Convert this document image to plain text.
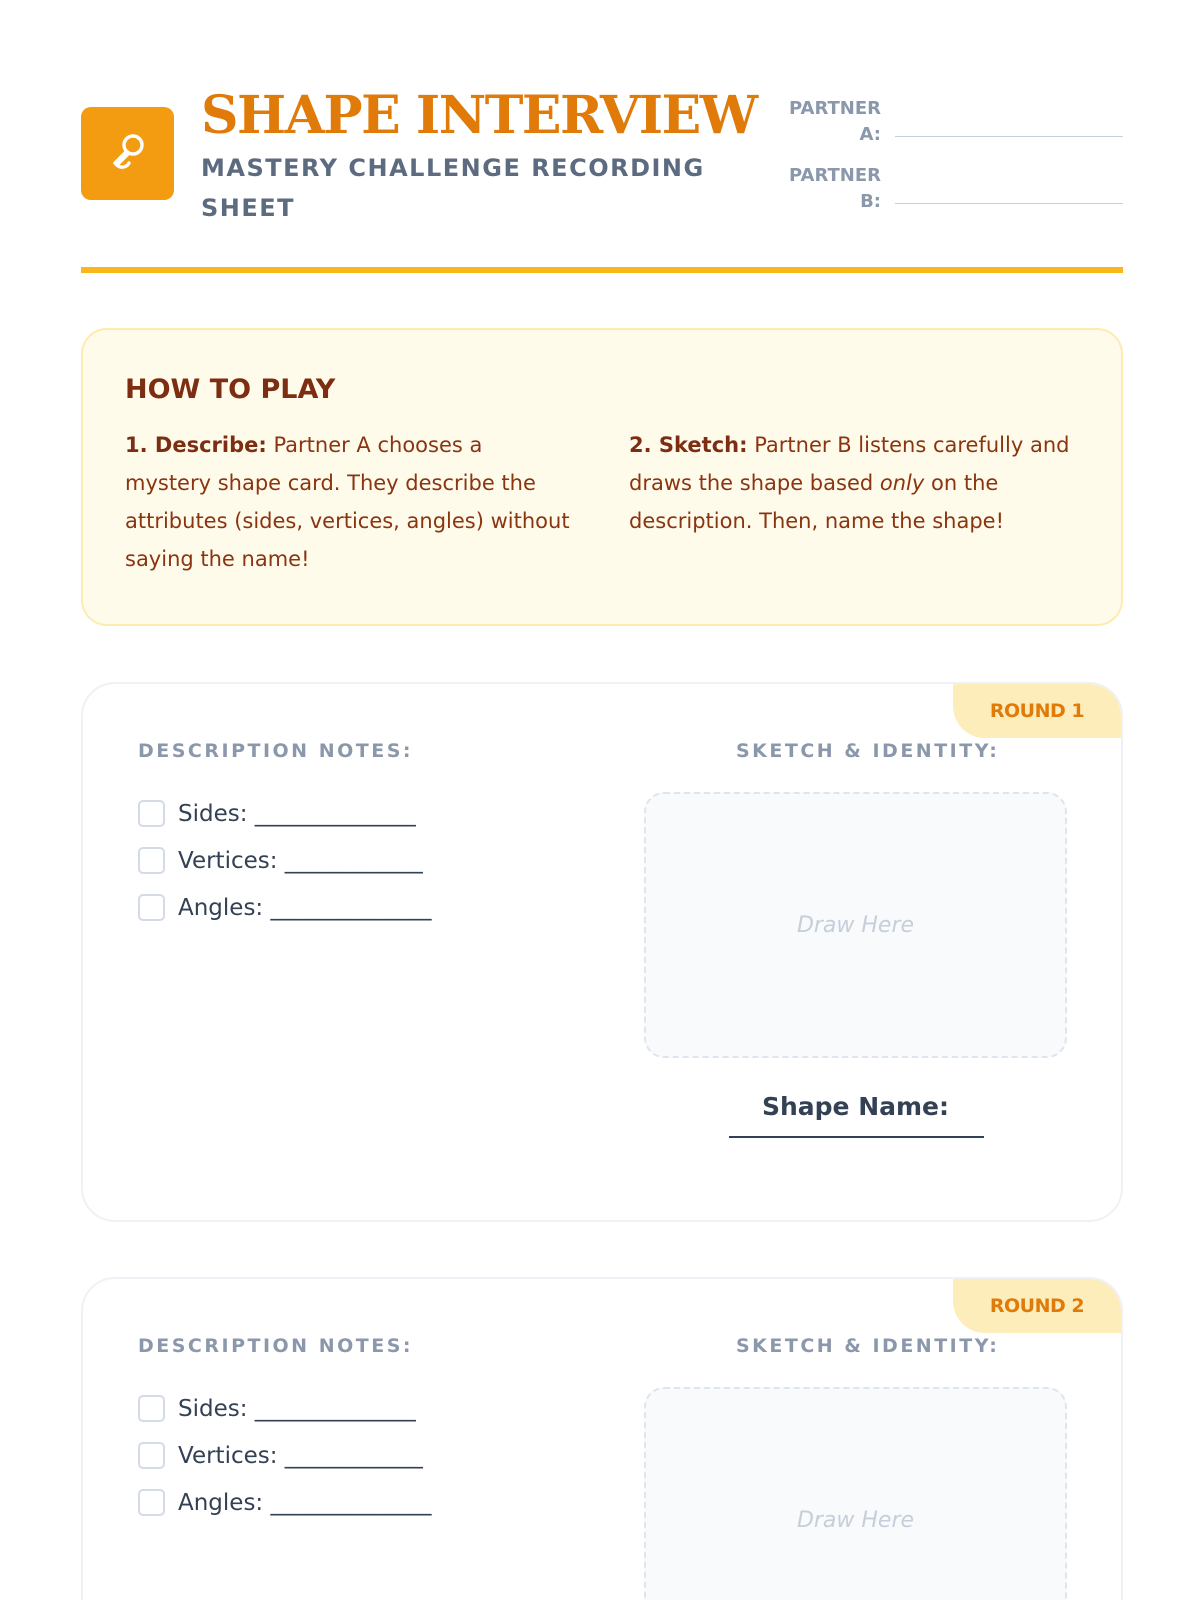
SHAPE INTERVIEW
MASTERY CHALLENGE RECORDING SHEET
PARTNER A:
PARTNER B:
HOW TO PLAY
1. Describe: Partner A chooses a mystery shape card. They describe the attributes (sides, vertices, angles) without saying the name!
2. Sketch: Partner B listens carefully and draws the shape based only on the description. Then, name the shape!
ROUND 1
DESCRIPTION NOTES:	SKETCH & IDENTITY:
Sides: ______________
Vertices: ____________
Angles: ______________
Draw Here
Shape Name:
ROUND 2
DESCRIPTION NOTES:	SKETCH & IDENTITY:
Sides: ______________
Vertices: ____________
Angles: ______________
Draw Here
